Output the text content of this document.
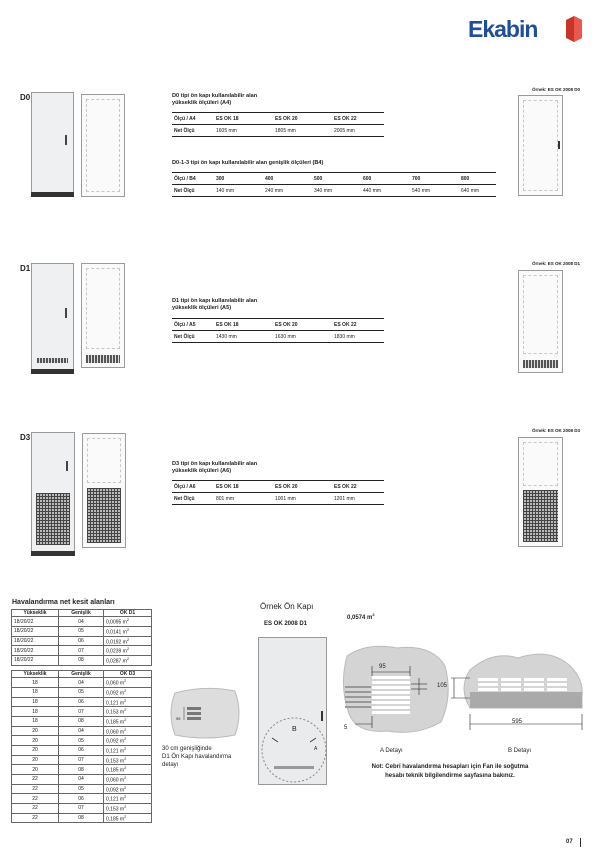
Ekabin
D0	D0 tipi ön kapı kullanılabilir alan
yükseklik ölçüleri (A4)
Ölçü / A4	ES OK 18	ES OK 20	ES OK 22
Net Ölçü	1605 mm	1805 mm	2005 mm
D0-1-3 tipi ön kapı kullanılabilir alan genişlik ölçüleri (B4)
Ölçü / B4	300	400	500	600	700	800
Net Ölçü	140 mm	240 mm	340 mm	440 mm	540 mm	640 mm
Örnek: ES OK 2008 D0
D1
D1 tipi ön kapı kullanılabilir alan
yükseklik ölçüleri (A5)
Ölçü / A5	ES OK 18	ES OK 20	ES OK 22
Net Ölçü	1430 mm	1630 mm	1830 mm
Örnek: ES OK 2008 D1
D3
D3 tipi ön kapı kullanılabilir alan
yükseklik ölçüleri (A6)
Ölçü / A6	ES OK 18	ES OK 20	ES OK 22
Net Ölçü	801 mm	1001 mm	1201 mm
Örnek: ES OK 2008 D3
Havalandırma net kesit alanları
Yükseklik	Genişlik	OK D1
18/20/22	04	0,0095 $m^2$
18/20/22	05	0,0141 $m^2$
18/20/22	06	0,0192 $m^2$
18/20/22	07	0,0239 $m^2$
18/20/22	08	0,0287 $m^2$
Yükseklik	Genişlik	OK D3
18	04	0,060 $m^2$
18	05	0,092 $m^2$
18	06	0,121 $m^2$
18	07	0,153 $m^2$
18	08	0,185 $m^2$
20	04	0,060 $m^2$
20	05	0,092 $m^2$
20	06	0,121 $m^2$
20	07	0,153 $m^2$
20	08	0,185 $m^2$
22	04	0,060 $m^2$
22	05	0,092 $m^2$
22	06	0,121 $m^2$
22	07	0,153 $m^2$
22	08	0,185 $m^2$
95
30 cm genişliğinde
D1 Ön Kapı havalandırma
detayı
Örnek Ön Kapı
ES OK 2008 D1
B
A
0,0574 $m^2$
95
5
A Detayı
105
595
B Detayı
Not: Cebri havalandırma hesapları için Fan ile soğutma
hesabı teknik bilgilendirme sayfasına bakınız.
07
